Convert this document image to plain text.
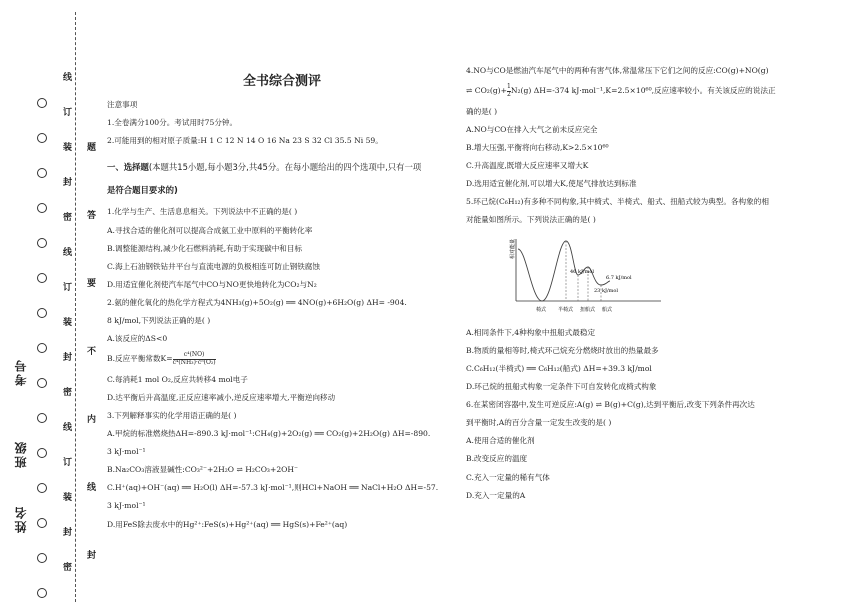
线
订
装
封
密
线
订
装
封
密
线
订
装
封
密
题
答
要
不
内
线
封
考号
班级
姓名
全书综合测评
注意事项
1.全卷满分100分。考试用时75分钟。
2.可能用到的相对原子质量:H 1 C 12 N 14 O 16 Na 23 S 32 Cl 35.5 Ni 59。
一、选择题(本题共15小题,每小题3分,共45分。在每小题给出的四个选项中,只有一项
是符合题目要求的)
1.化学与生产、生活息息相关。下列说法中不正确的是( )
A.寻找合适的催化剂可以提高合成氨工业中原料的平衡转化率
B.调整能源结构,减少化石燃料消耗,有助于实现碳中和目标
C.海上石油钢铁钻井平台与直流电源的负极相连可防止钢铁腐蚀
D.用适宜催化剂使汽车尾气中CO与NO更快地转化为CO₂与N₂
2.氨的催化氧化的热化学方程式为4NH₃(g)+5O₂(g) ══ 4NO(g)+6H₂O(g) ΔH= -904.
8 kJ/mol,下列说法正确的是( )
A.该反应的ΔS<0
B.反应平衡常数$K= \frac{\text{c⁴(NO)}}{\text{c⁴(NH₃)·c⁵(O₂)}}$
C.每消耗1 mol O₂,反应共转移4 mol电子
D.达平衡后升高温度,正反应速率减小,逆反应速率增大,平衡逆向移动
3.下列解释事实的化学用语正确的是( )
A.甲烷的标准燃烧热ΔH=-890.3 kJ·mol⁻¹:CH₄(g)+2O₂(g) ══ CO₂(g)+2H₂O(g) ΔH=-890.
3 kJ·mol⁻¹
B.Na₂CO₃溶液显碱性:CO₃²⁻+2H₂O ⇌ H₂CO₃+2OH⁻
C.H⁺(aq)+OH⁻(aq) ══ H₂O(l) ΔH=-57.3 kJ·mol⁻¹,则HCl+NaOH ══ NaCl+H₂O ΔH=-57.
3 kJ·mol⁻¹
D.用FeS除去废水中的Hg²⁺:FeS(s)+Hg²⁺(aq) ══ HgS(s)+Fe²⁺(aq)
4.NO与CO是燃油汽车尾气中的两种有害气体,常温常压下它们之间的反应:CO(g)+NO(g)
⇌ $CO_2(g)+ \frac{1}{2} N_2(g)$ ΔH=-374 kJ·mol⁻¹,K=2.5×10⁶⁰,反应速率较小。有关该反应的说法正
确的是( )
A.NO与CO在排入大气之前未反应完全
B.增大压强,平衡将向右移动,K>2.5×10⁶⁰
C.升高温度,既增大反应速率又增大K
D.选用适宜催化剂,可以增大K,使尾气排放达到标准
5.环己烷(C₆H₁₂)有多种不同构象,其中椅式、半椅式、船式、扭船式较为典型。各构象的相
对能量如图所示。下列说法正确的是( )
相对能量
46 kJ/mol
23 kJ/mol
6.7 kJ/mol
椅式 半椅式 扭船式 船式
A.相同条件下,4种构象中扭船式最稳定
B.物质的量相等时,椅式环己烷充分燃烧时放出的热量最多
C.C₆H₁₂(半椅式) ══ C₆H₁₂(船式) ΔH=+39.3 kJ/mol
D.环己烷的扭船式构象一定条件下可自发转化成椅式构象
6.在某密闭容器中,发生可逆反应:A(g) ⇌ B(g)+C(g),达到平衡后,改变下列条件再次达
到平衡时,A的百分含量一定发生改变的是( )
A.使用合适的催化剂
B.改变反应的温度
C.充入一定量的稀有气体
D.充入一定量的A
